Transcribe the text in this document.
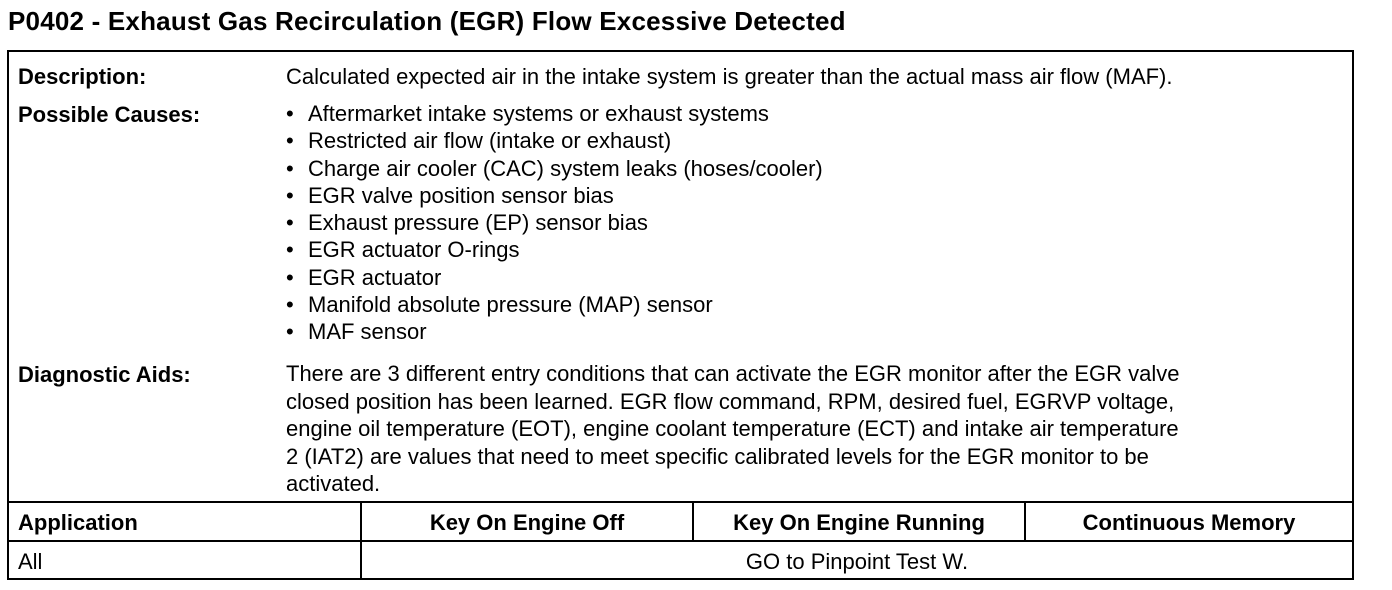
P0402 - Exhaust Gas Recirculation (EGR) Flow Excessive Detected
Description:	Calculated expected air in the intake system is greater than the actual mass air flow (MAF).

Possible Causes:	• Aftermarket intake systems or exhaust systems
• Restricted air flow (intake or exhaust)
• Charge air cooler (CAC) system leaks (hoses/cooler)
• EGR valve position sensor bias
• Exhaust pressure (EP) sensor bias
• EGR actuator O-rings
• EGR actuator
• Manifold absolute pressure (MAP) sensor
• MAF sensor
Diagnostic Aids:	There are 3 different entry conditions that can activate the EGR monitor after the EGR valve

closed position has been learned. EGR flow command, RPM, desired fuel, EGRVP voltage,

engine oil temperature (EOT), engine coolant temperature (ECT) and intake air temperature

2 (IAT2) are values that need to meet specific calibrated levels for the EGR monitor to be

activated.

Application	Key On Engine Off	Key On Engine Running	Continuous Memory
All	GO to Pinpoint Test W.
